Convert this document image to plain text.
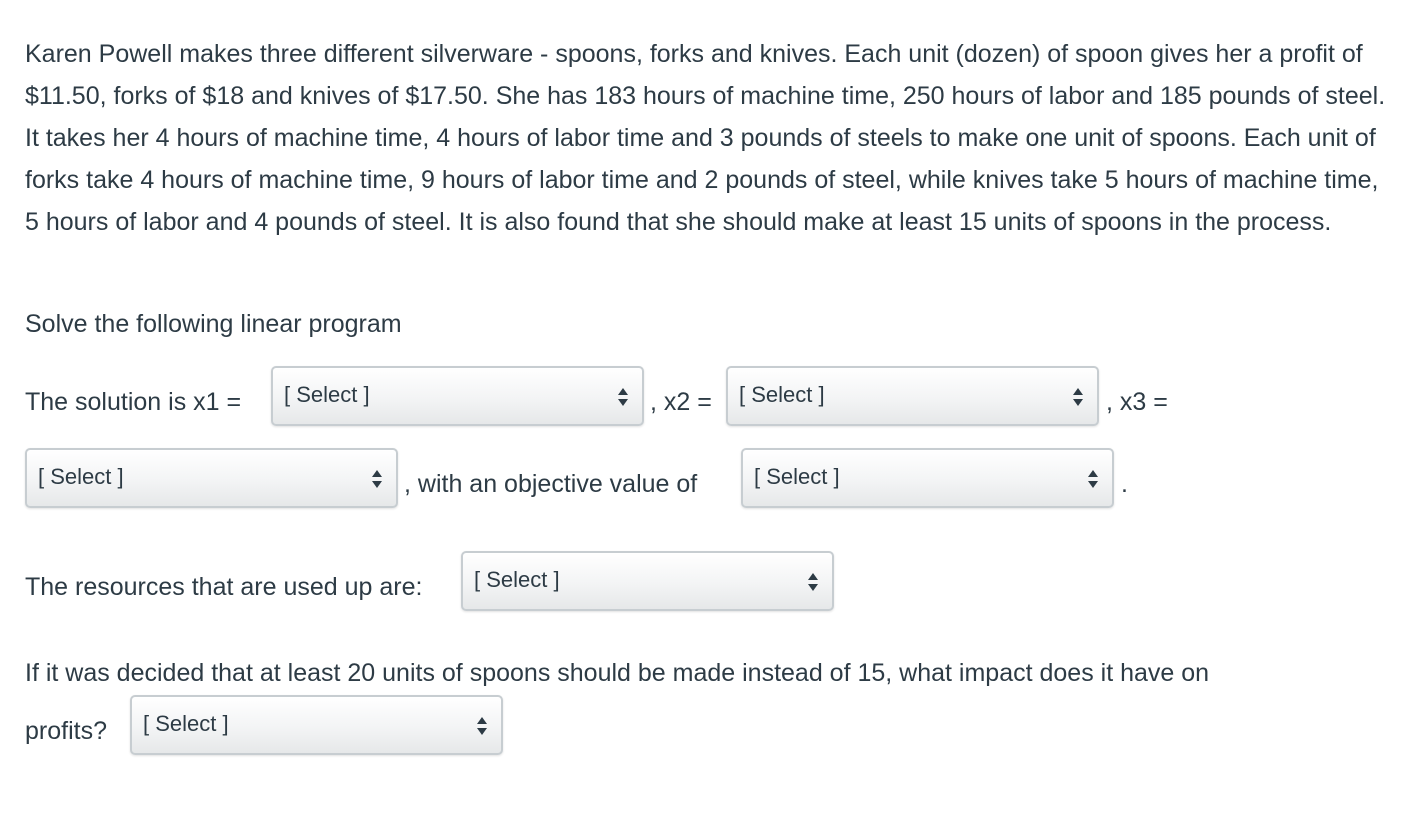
Karen Powell makes three different silverware - spoons, forks and knives. Each unit (dozen) of spoon gives her a profit of $11.50, forks of $18 and knives of $17.50. She has 183 hours of machine time, 250 hours of labor and 185 pounds of steel. It takes her 4 hours of machine time, 4 hours of labor time and 3 pounds of steels to make one unit of spoons. Each unit of forks take 4 hours of machine time, 9 hours of labor time and 2 pounds of steel, while knives take 5 hours of machine time, 5 hours of labor and 4 pounds of steel. It is also found that she should make at least 15 units of spoons in the process.

Solve the following linear program
The solution is x1 = [ Select ]	, x2 = [ Select ]	, x3 =
[ Select ]	, with an objective value of	[ Select ]	.
The resources that are used up are: [ Select ]
If it was decided that at least 20 units of spoons should be made instead of 15, what impact does it have on
profits? [ Select ]
